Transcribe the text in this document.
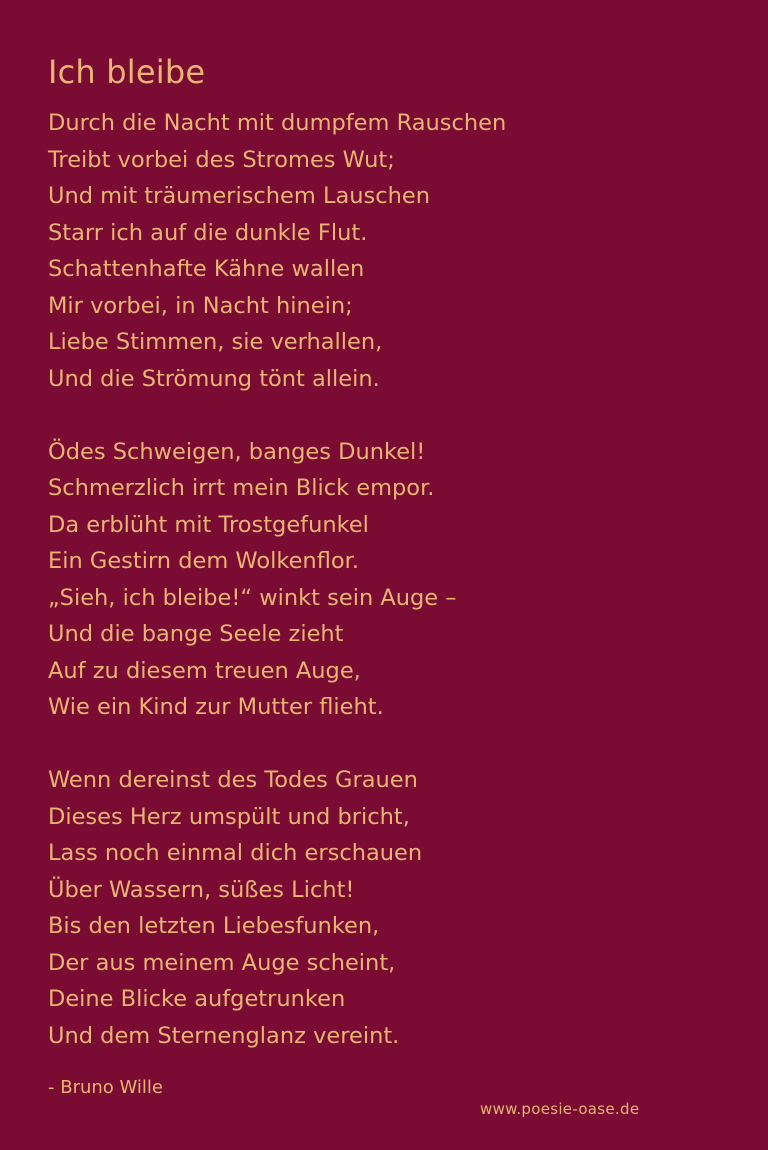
Ich bleibe
Durch die Nacht mit dumpfem Rauschen
Treibt vorbei des Stromes Wut;
Und mit träumerischem Lauschen
Starr ich auf die dunkle Flut.
Schattenhafte Kähne wallen
Mir vorbei, in Nacht hinein;
Liebe Stimmen, sie verhallen,
Und die Strömung tönt allein.
Ödes Schweigen, banges Dunkel!
Schmerzlich irrt mein Blick empor.
Da erblüht mit Trostgefunkel
Ein Gestirn dem Wolkenflor.
„Sieh, ich bleibe!“ winkt sein Auge –
Und die bange Seele zieht
Auf zu diesem treuen Auge,
Wie ein Kind zur Mutter flieht.
Wenn dereinst des Todes Grauen
Dieses Herz umspült und bricht,
Lass noch einmal dich erschauen
Über Wassern, süßes Licht!
Bis den letzten Liebesfunken,
Der aus meinem Auge scheint,
Deine Blicke aufgetrunken
Und dem Sternenglanz vereint.
- Bruno Wille
www.poesie-oase.de
